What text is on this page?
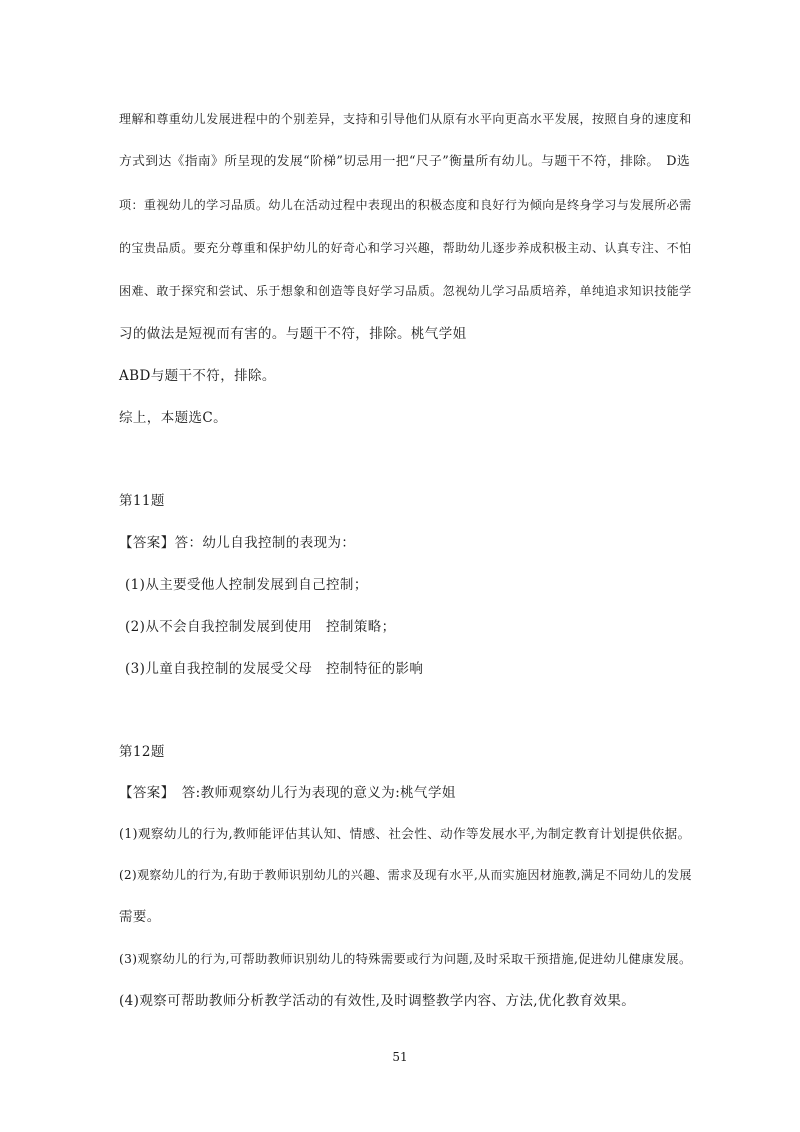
理解和尊重幼儿发展进程中的个别差异，支持和引导他们从原有水平向更高水平发展，按照自身的速度和
方式到达《指南》所呈现的发展“阶梯”切忌用一把“尺子”衡量所有幼儿。与题干不符，排除。　D选
项：重视幼儿的学习品质。幼儿在活动过程中表现出的积极态度和良好行为倾向是终身学习与发展所必需
的宝贵品质。要充分尊重和保护幼儿的好奇心和学习兴趣，帮助幼儿逐步养成积极主动、认真专注、不怕
困难、敢于探究和尝试、乐于想象和创造等良好学习品质。忽视幼儿学习品质培养，单纯追求知识技能学
习的做法是短视而有害的。与题干不符，排除。桃气学姐
ABD与题干不符，排除。
综上，本题选C。
第11题
【答案】答：幼儿自我控制的表现为：
(1)从主要受他人控制发展到自己控制；
(2)从不会自我控制发展到使用　控制策略；
(3)儿童自我控制的发展受父母　控制特征的影响
第12题
【答案】　答:教师观察幼儿行为表现的意义为:桃气学姐
(1)观察幼儿的行为,教师能评估其认知、情感、社会性、动作等发展水平,为制定教育计划提供依据。
(2)观察幼儿的行为,有助于教师识别幼儿的兴趣、需求及现有水平,从而实施因材施教,满足不同幼儿的发展
需要。
(3)观察幼儿的行为,可帮助教师识别幼儿的特殊需要或行为问题,及时采取干预措施,促进幼儿健康发展。
(4)观察可帮助教师分析教学活动的有效性,及时调整教学内容、方法,优化教育效果。
51
